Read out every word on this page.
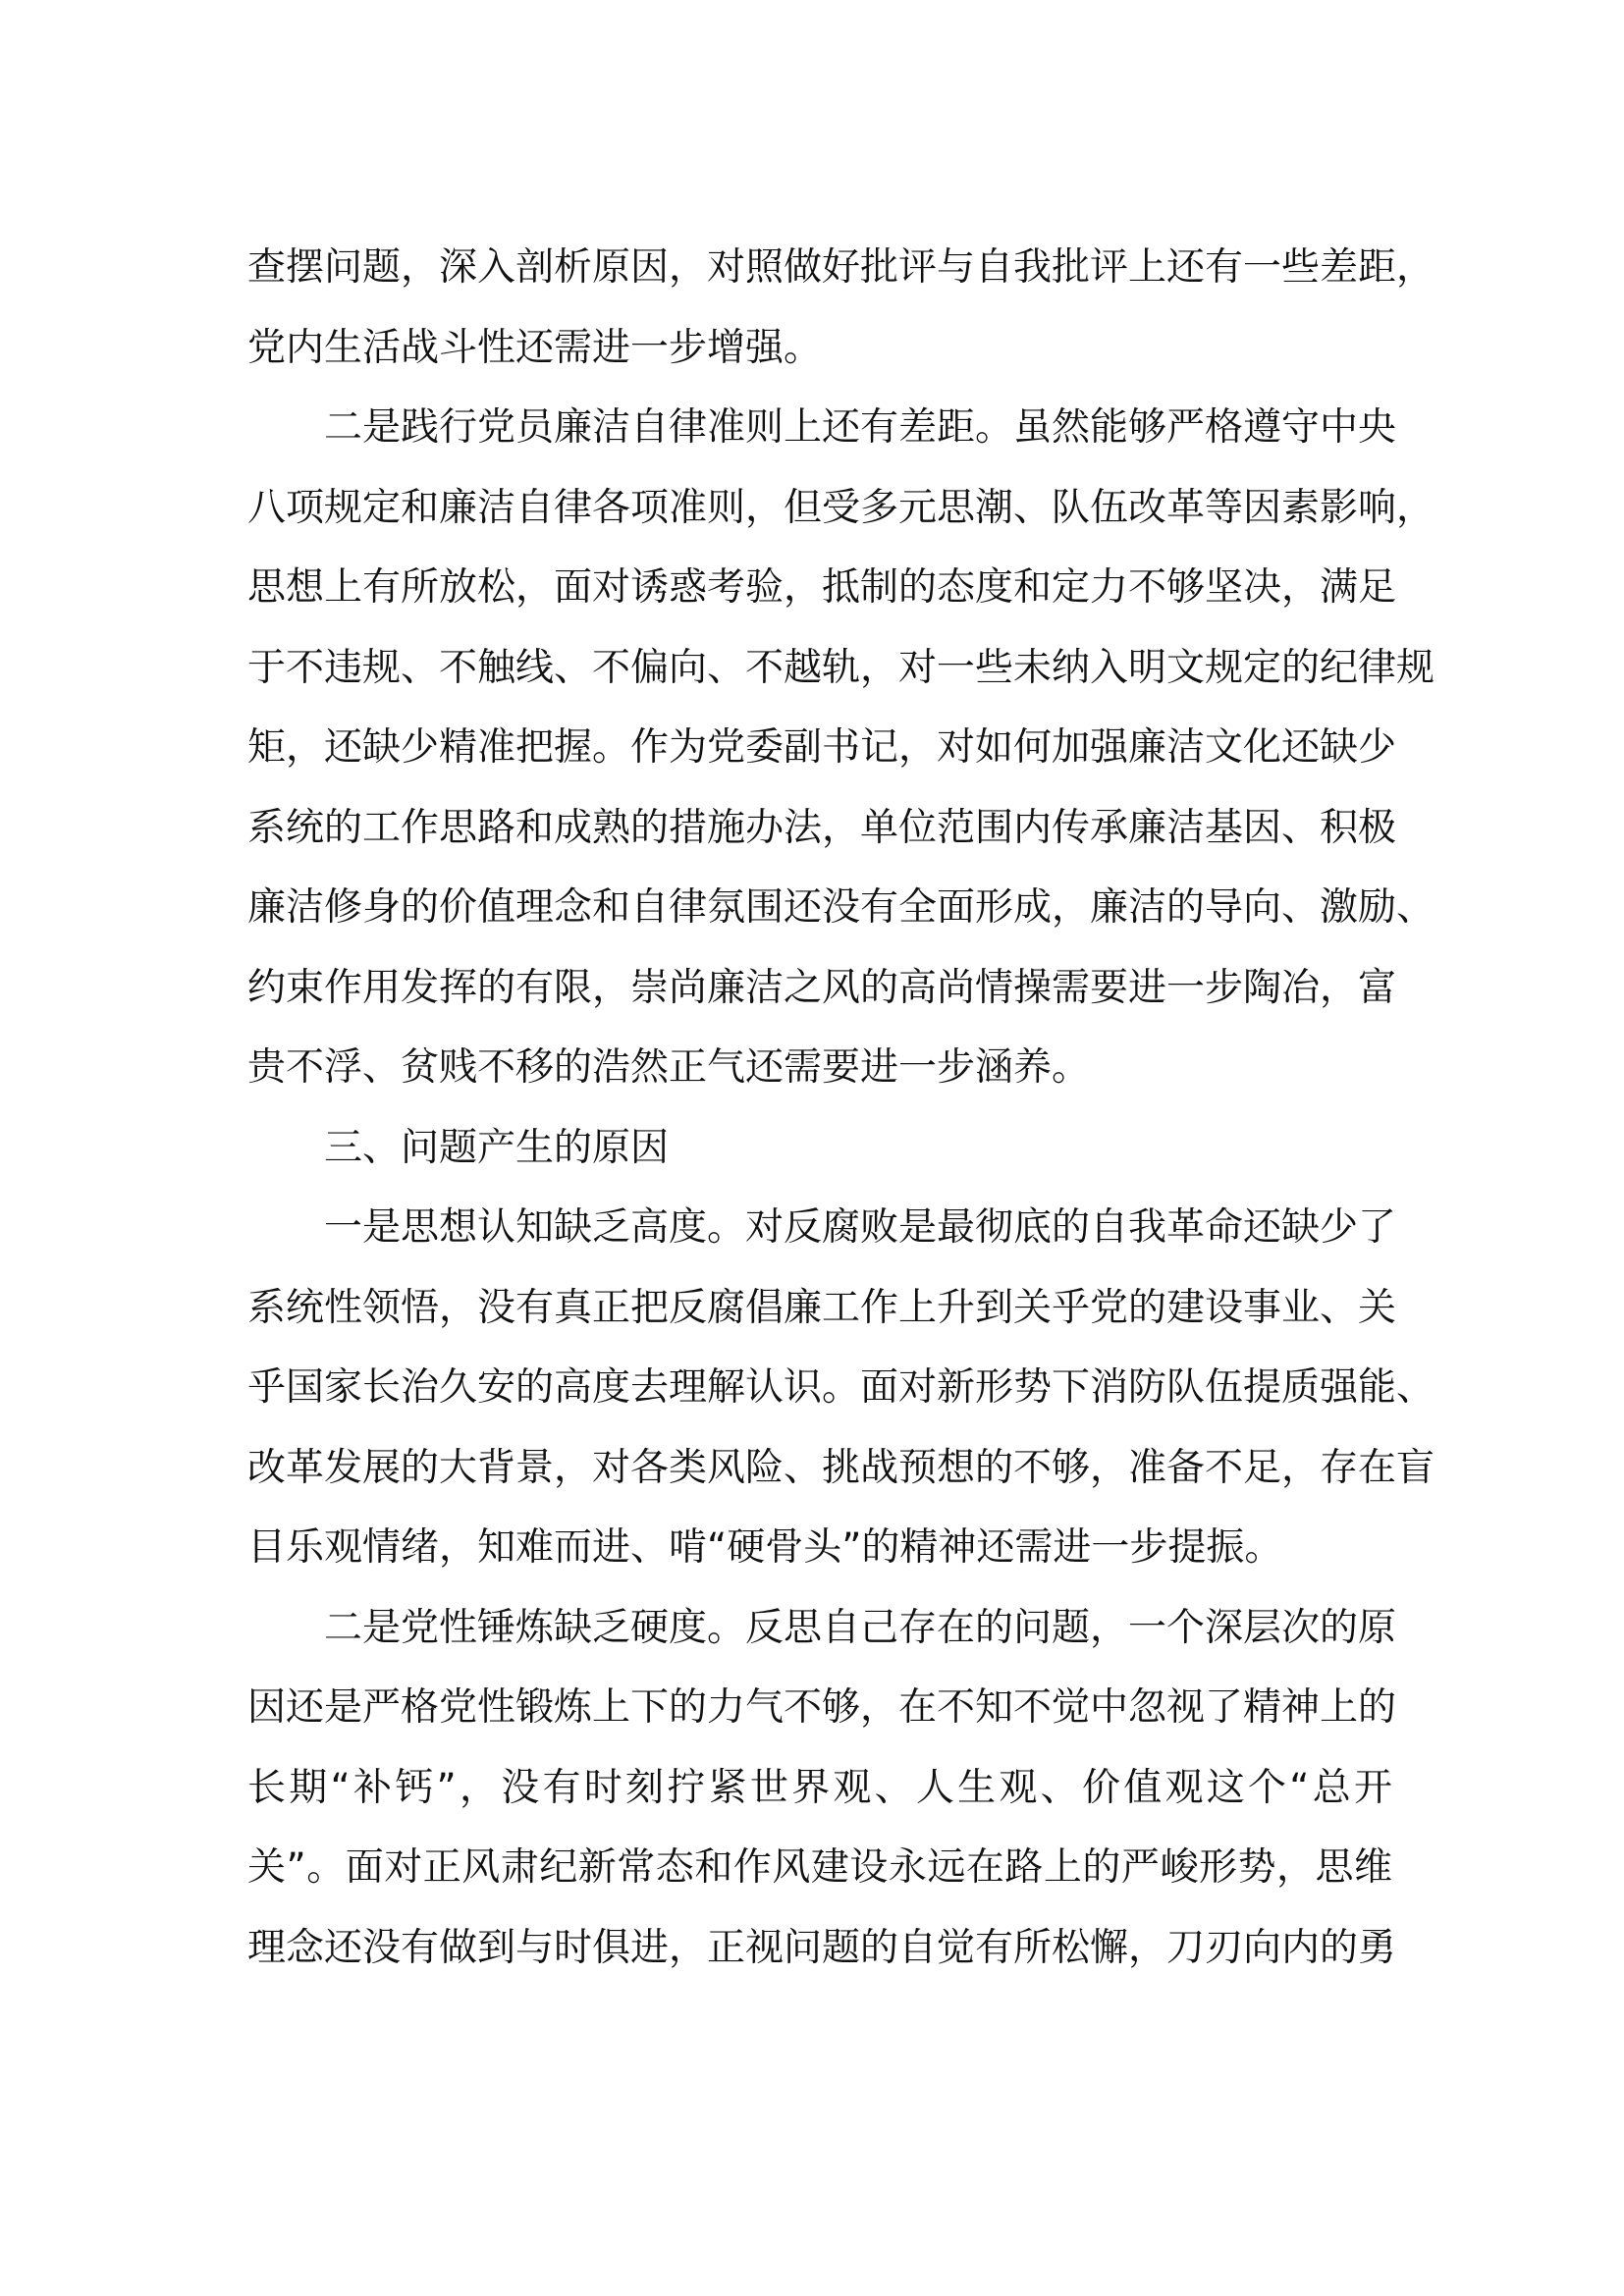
查摆问题，深入剖析原因，对照做好批评与自我批评上还有一些差距，
党内生活战斗性还需进一步增强。

二是践行党员廉洁自律准则上还有差距。虽然能够严格遵守中央
八项规定和廉洁自律各项准则，但受多元思潮、队伍改革等因素影响，
思想上有所放松，面对诱惑考验，抵制的态度和定力不够坚决，满足
于不违规、不触线、不偏向、不越轨，对一些未纳入明文规定的纪律规
矩，还缺少精准把握。作为党委副书记，对如何加强廉洁文化还缺少
系统的工作思路和成熟的措施办法，单位范围内传承廉洁基因、积极
廉洁修身的价值理念和自律氛围还没有全面形成，廉洁的导向、激励、
约束作用发挥的有限，崇尚廉洁之风的高尚情操需要进一步陶冶，富
贵不浮、贫贱不移的浩然正气还需要进一步涵养。

三、问题产生的原因

一是思想认知缺乏高度。对反腐败是最彻底的自我革命还缺少了
系统性领悟，没有真正把反腐倡廉工作上升到关乎党的建设事业、关
乎国家长治久安的高度去理解认识。面对新形势下消防队伍提质强能、
改革发展的大背景，对各类风险、挑战预想的不够，准备不足，存在盲
目乐观情绪，知难而进、啃“硬骨头”的精神还需进一步提振。

二是党性锤炼缺乏硬度。反思自己存在的问题，一个深层次的原
因还是严格党性锻炼上下的力气不够，在不知不觉中忽视了精神上的
长期“补钙”，没有时刻拧紧世界观、人生观、价值观这个“总开
关”。面对正风肃纪新常态和作风建设永远在路上的严峻形势，思维
理念还没有做到与时俱进，正视问题的自觉有所松懈，刀刃向内的勇
